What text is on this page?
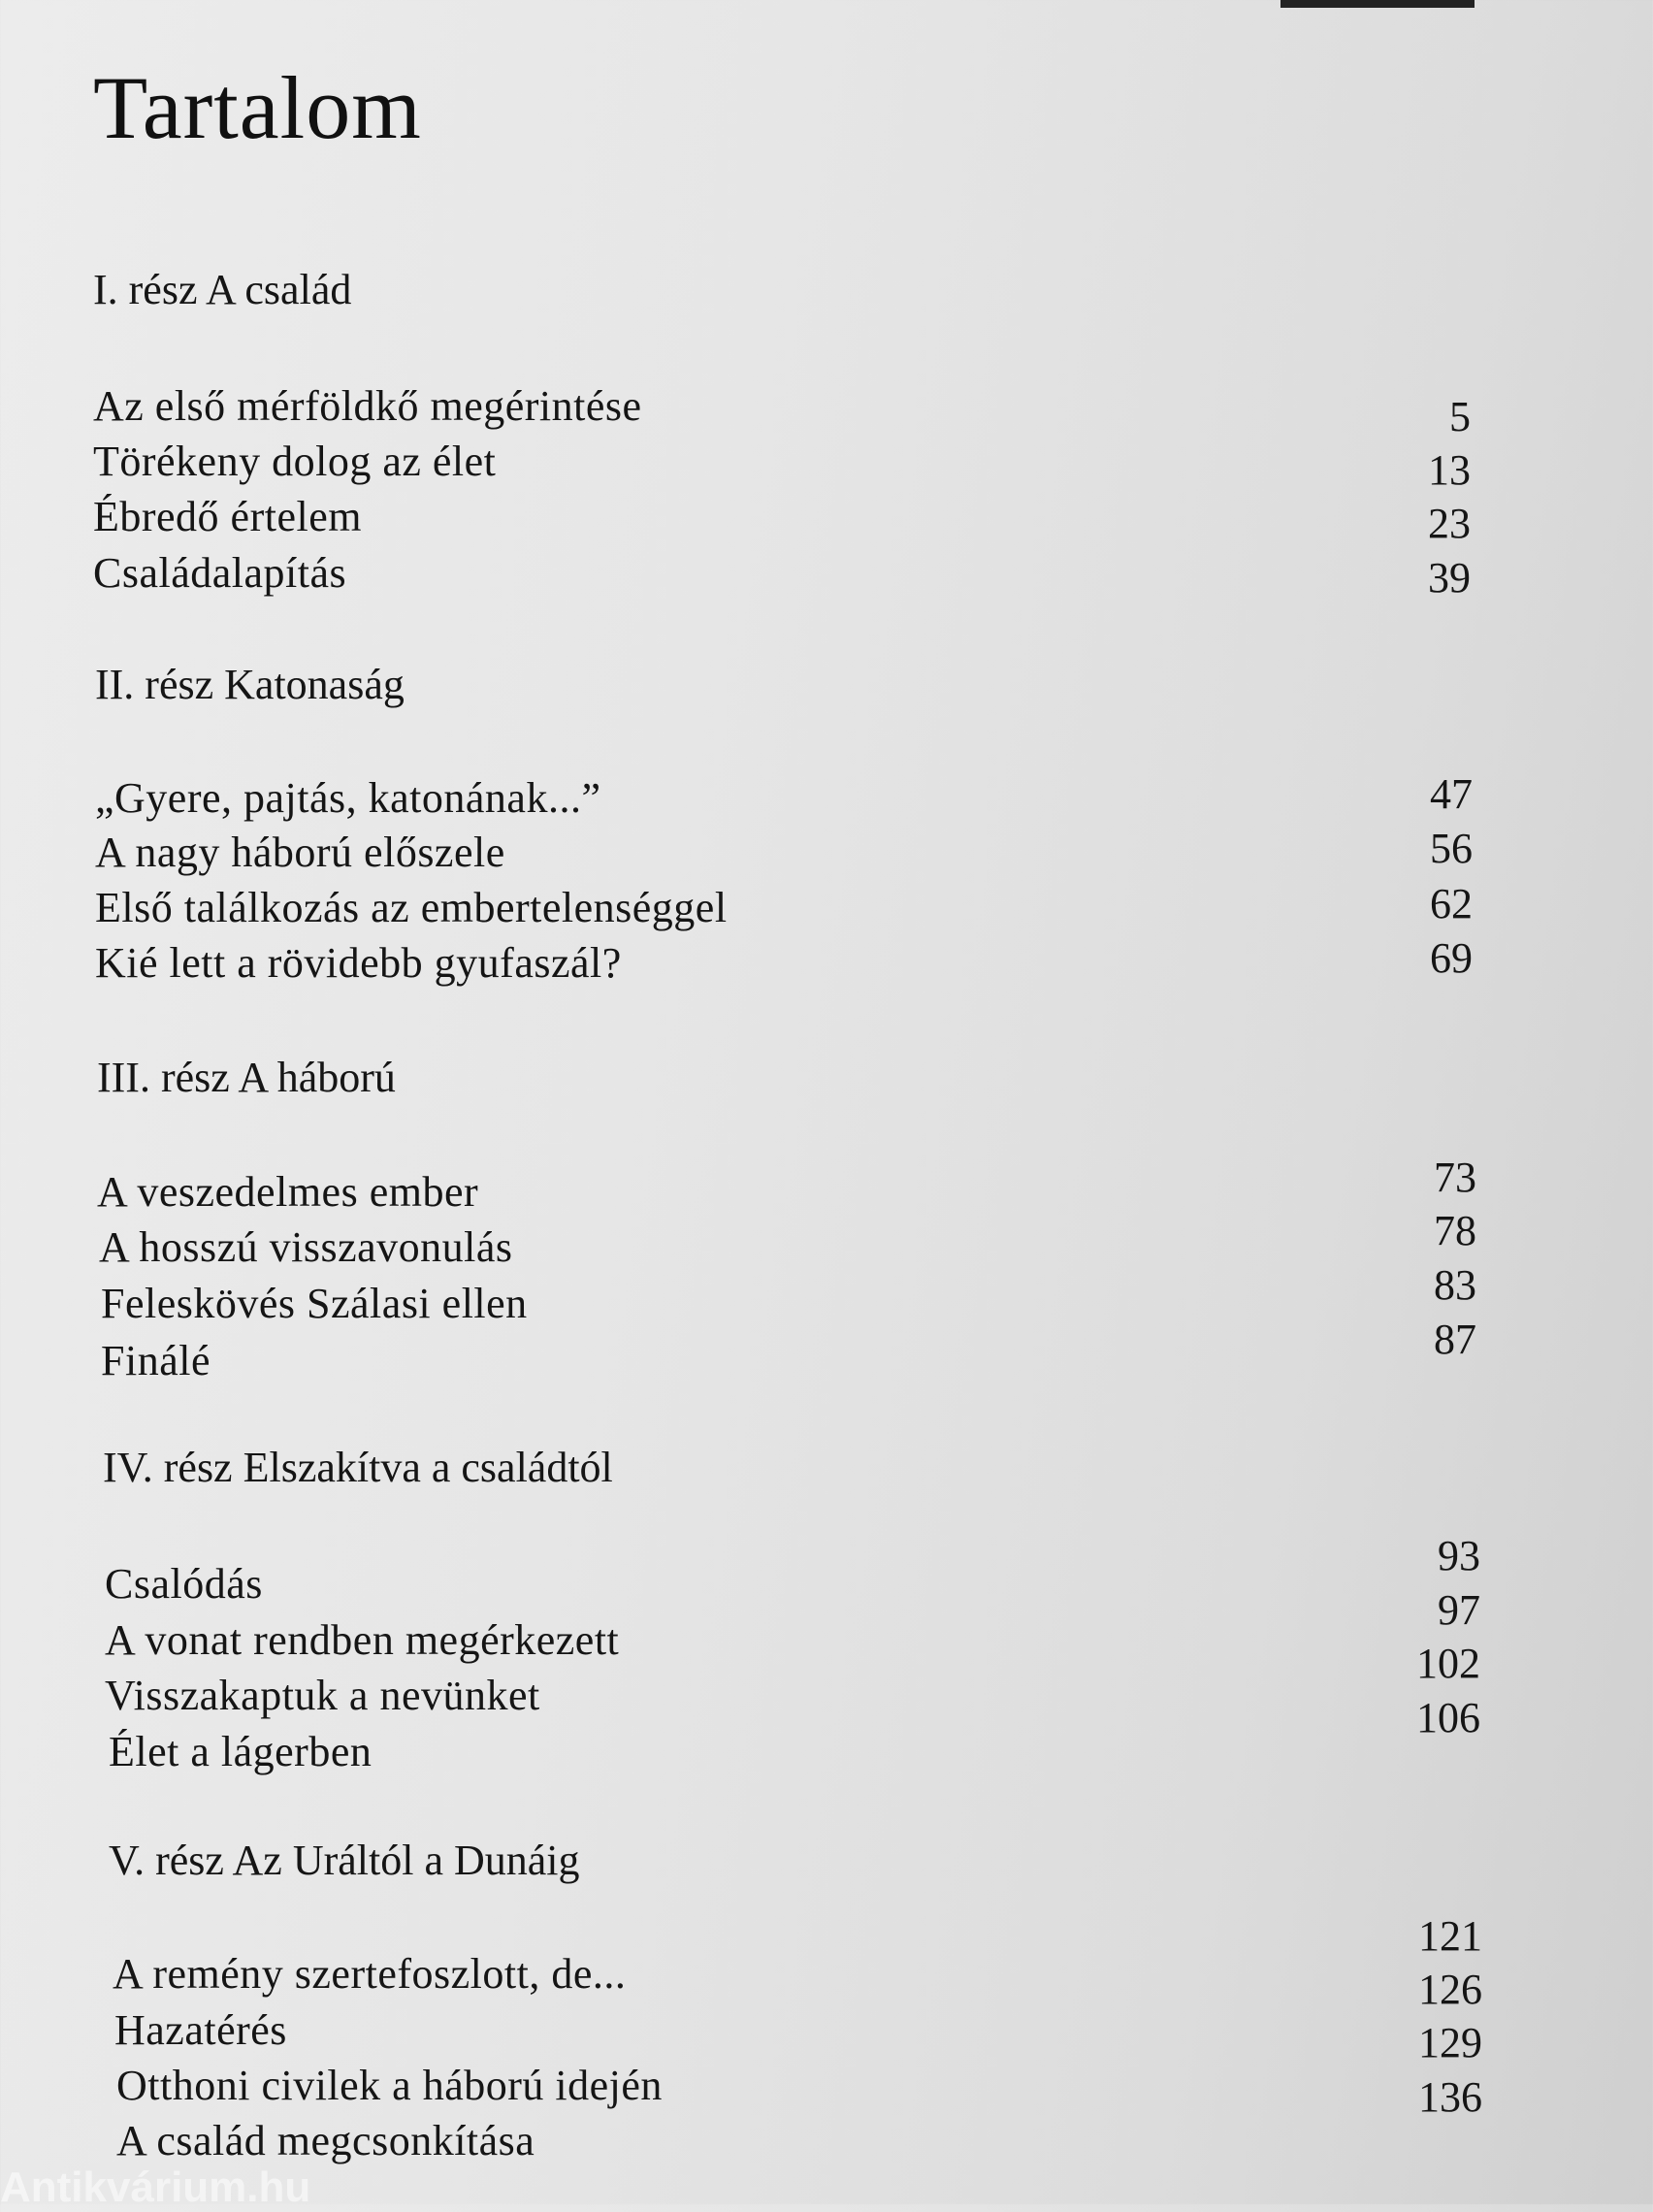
Tartalom
I. rész A család
Az első mérföldkő megérintése
Törékeny dolog az élet
Ébredő értelem
Családalapítás
5
13
23
39
II. rész Katonaság
„Gyere, pajtás, katonának...”
A nagy háború előszele
Első találkozás az embertelenséggel
Kié lett a rövidebb gyufaszál?
47
56
62
69
III. rész A háború
A veszedelmes ember
A hosszú visszavonulás
Feleskövés Szálasi ellen
Finálé
73
78
83
87
IV. rész Elszakítva a családtól
Csalódás
A vonat rendben megérkezett
Visszakaptuk a nevünket
Élet a lágerben
93
97
102
106
V. rész Az Uráltól a Dunáig
A remény szertefoszlott, de...
Hazatérés
Otthoni civilek a háború idején
A család megcsonkítása
121
126
129
136
Antikvárium.hu
